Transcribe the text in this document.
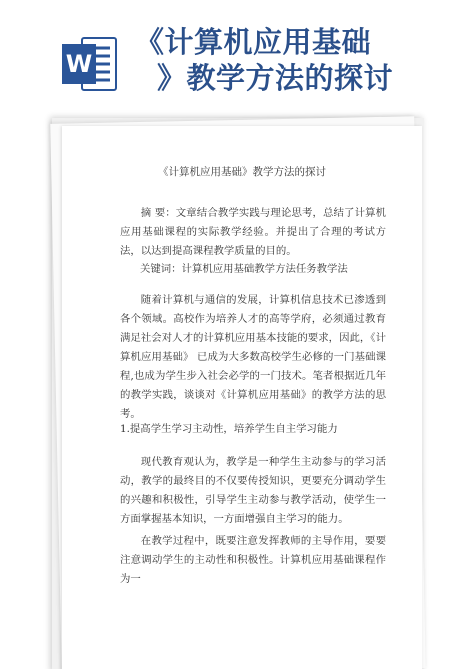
W
《计算机应用基础
》教学方法的探讨
《计算机应用基础》教学方法的探讨
摘 要：文章结合教学实践与理论思考，总结了计算机应用基础课程的实际教学经验。并提出了合理的考试方法，以达到提高课程教学质量的目的。
关键词：计算机应用基础教学方法任务教学法
随着计算机与通信的发展，计算机信息技术已渗透到各个领域。高校作为培养人才的高等学府，必须通过教育满足社会对人才的计算机应用基本技能的要求，因此，《计算机应用基础》 已成为大多数高校学生必修的一门基础课程,也成为学生步入社会必学的一门技术。笔者根据近几年的教学实践，谈谈对《计算机应用基础》的教学方法的思考。
1.提高学生学习主动性，培养学生自主学习能力
现代教育观认为，教学是一种学生主动参与的学习活动，教学的最终目的不仅要传授知识，更要充分调动学生的兴趣和积极性，引导学生主动参与教学活动，使学生一方面掌握基本知识，一方面增强自主学习的能力。
在教学过程中，既要注意发挥教师的主导作用，要要注意调动学生的主动性和积极性。计算机应用基础课程作为一
